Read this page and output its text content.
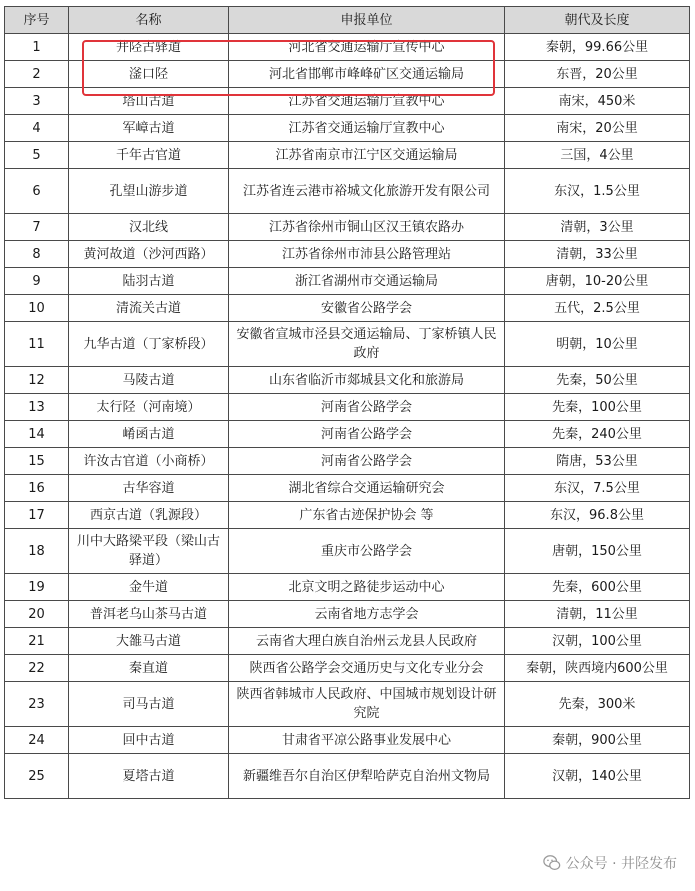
序号	名称	申报单位	朝代及长度
1	井陉古驿道	河北省交通运输厅宣传中心	秦朝，99.66公里
2	滏口陉	河北省邯郸市峰峰矿区交通运输局	东晋，20公里
3	塔山古道	江苏省交通运输厅宣教中心	南宋，450米
4	军嶂古道	江苏省交通运输厅宣教中心	南宋，20公里
5	千年古官道	江苏省南京市江宁区交通运输局	三国，4公里
6	孔望山游步道	江苏省连云港市裕城文化旅游开发有限公司	东汉，1.5公里
7	汉北线	江苏省徐州市铜山区汉王镇农路办	清朝，3公里
8	黄河故道（沙河西路）	江苏省徐州市沛县公路管理站	清朝，33公里
9	陆羽古道	浙江省湖州市交通运输局	唐朝，10-20公里
10	清流关古道	安徽省公路学会	五代，2.5公里
11	九华古道（丁家桥段）	安徽省宣城市泾县交通运输局、丁家桥镇人民政府	明朝，10公里
12	马陵古道	山东省临沂市郯城县文化和旅游局	先秦，50公里
13	太行陉（河南境）	河南省公路学会	先秦，100公里
14	崤函古道	河南省公路学会	先秦，240公里
15	许汝古官道（小商桥）	河南省公路学会	隋唐，53公里
16	古华容道	湖北省综合交通运输研究会	东汉，7.5公里
17	西京古道（乳源段）	广东省古迹保护协会 等	东汉，96.8公里
18	川中大路梁平段（梁山古驿道）	重庆市公路学会	唐朝，150公里
19	金牛道	北京文明之路徒步运动中心	先秦，600公里
20	普洱老乌山茶马古道	云南省地方志学会	清朝，11公里
21	大雒马古道	云南省大理白族自治州云龙县人民政府	汉朝，100公里
22	秦直道	陕西省公路学会交通历史与文化专业分会	秦朝，陕西境内600公里
23	司马古道	陕西省韩城市人民政府、中国城市规划设计研究院	先秦，300米
24	回中古道	甘肃省平凉公路事业发展中心	秦朝，900公里
25	夏塔古道	新疆维吾尔自治区伊犁哈萨克自治州文物局	汉朝，140公里
公众号 · 井陉发布
